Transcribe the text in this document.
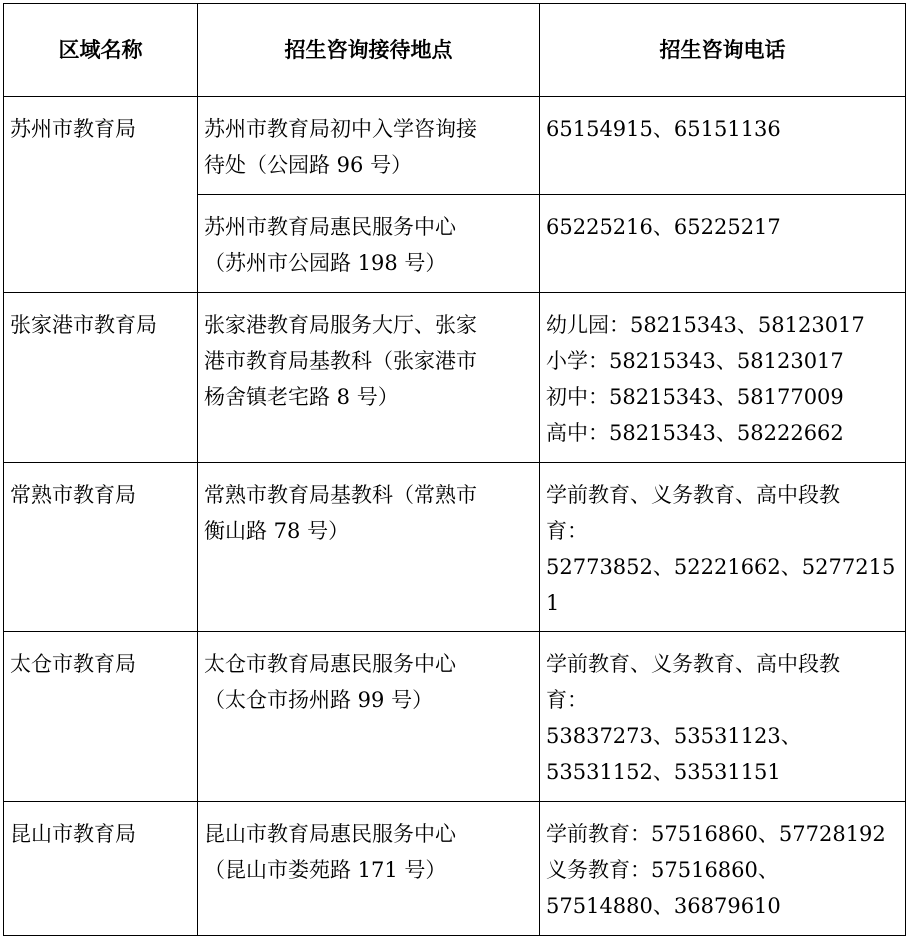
区域名称	招生咨询接待地点	招生咨询电话

苏州市教育局	苏州市教育局初中入学咨询接
待处（公园路 96 号）	65154915、65151136

	苏州市教育局惠民服务中心
（苏州市公园路 198 号）	65225216、65225217

张家港市教育局	张家港教育局服务大厅、张家
港市教育局基教科（张家港市
杨舍镇老宅路 8 号）	幼儿园：58215343、58123017
小学：58215343、58123017
初中：58215343、58177009
高中：58215343、58222662

常熟市教育局	常熟市教育局基教科（常熟市
衡山路 78 号）	学前教育、义务教育、高中段教
育：
52773852、52221662、52772151

太仓市教育局	太仓市教育局惠民服务中心
（太仓市扬州路 99 号）	学前教育、义务教育、高中段教
育：
53837273、53531123、
53531152、53531151

昆山市教育局	昆山市教育局惠民服务中心
（昆山市娄苑路 171 号）	学前教育：57516860、57728192
义务教育：57516860、
57514880、36879610
